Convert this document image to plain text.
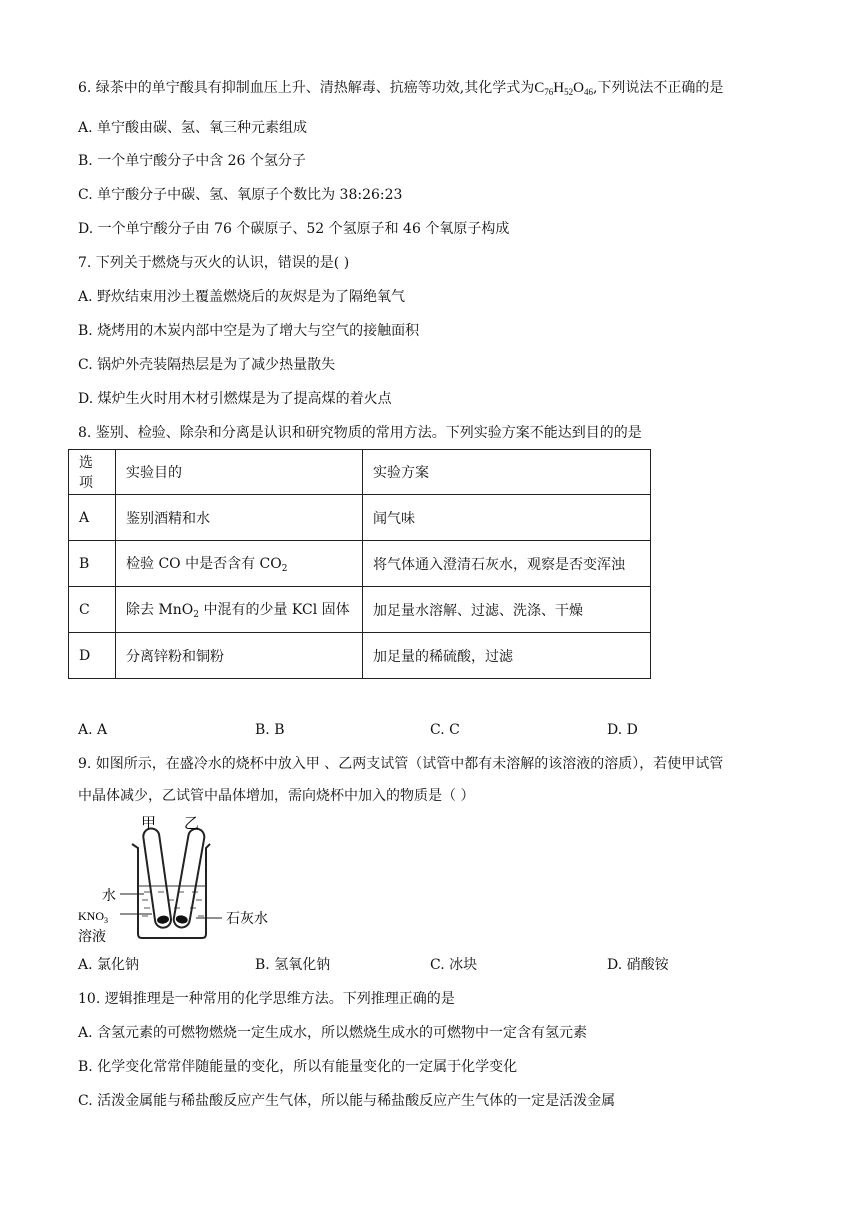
6. 绿茶中的单宁酸具有抑制血压上升、清热解毒、抗癌等功效,其化学式为$C_{76}H_{52}O_{46}$,下列说法不正确的是
A. 单宁酸由碳、氢、氧三种元素组成
B. 一个单宁酸分子中含 26 个氢分子
C. 单宁酸分子中碳、氢、氧原子个数比为 38:26:23
D. 一个单宁酸分子由 76 个碳原子、52 个氢原子和 46 个氧原子构成
7. 下列关于燃烧与灭火的认识，错误的是( )
A. 野炊结束用沙土覆盖燃烧后的灰烬是为了隔绝氧气
B. 烧烤用的木炭内部中空是为了增大与空气的接触面积
C. 锅炉外壳装隔热层是为了减少热量散失
D. 煤炉生火时用木材引燃煤是为了提高煤的着火点
8. 鉴别、检验、除杂和分离是认识和研究物质的常用方法。下列实验方案不能达到目的的是
选项	实验目的	实验方案
A	鉴别酒精和水	闻气味
B	检验 CO 中是否含有 $CO_2$	将气体通入澄清石灰水，观察是否变浑浊
C	除去 MnO$_2$ 中混有的少量 KCl 固体	加足量水溶解、过滤、洗涤、干燥
D	分离锌粉和铜粉	加足量的稀硫酸，过滤
A. A	B. B	C. C	D. D
9. 如图所示，在盛冷水的烧杯中放入甲 、乙两支试管（试管中都有未溶解的该溶液的溶质），若使甲试管
中晶体减少，乙试管中晶体增加，需向烧杯中加入的物质是（ ）
甲 乙
水
$KNO_3$
溶液
石灰水
A. 氯化钠	B. 氢氧化钠	C. 冰块	D. 硝酸铵
10. 逻辑推理是一种常用的化学思维方法。下列推理正确的是
A. 含氢元素的可燃物燃烧一定生成水，所以燃烧生成水的可燃物中一定含有氢元素
B. 化学变化常常伴随能量的变化，所以有能量变化的一定属于化学变化
C. 活泼金属能与稀盐酸反应产生气体，所以能与稀盐酸反应产生气体的一定是活泼金属
